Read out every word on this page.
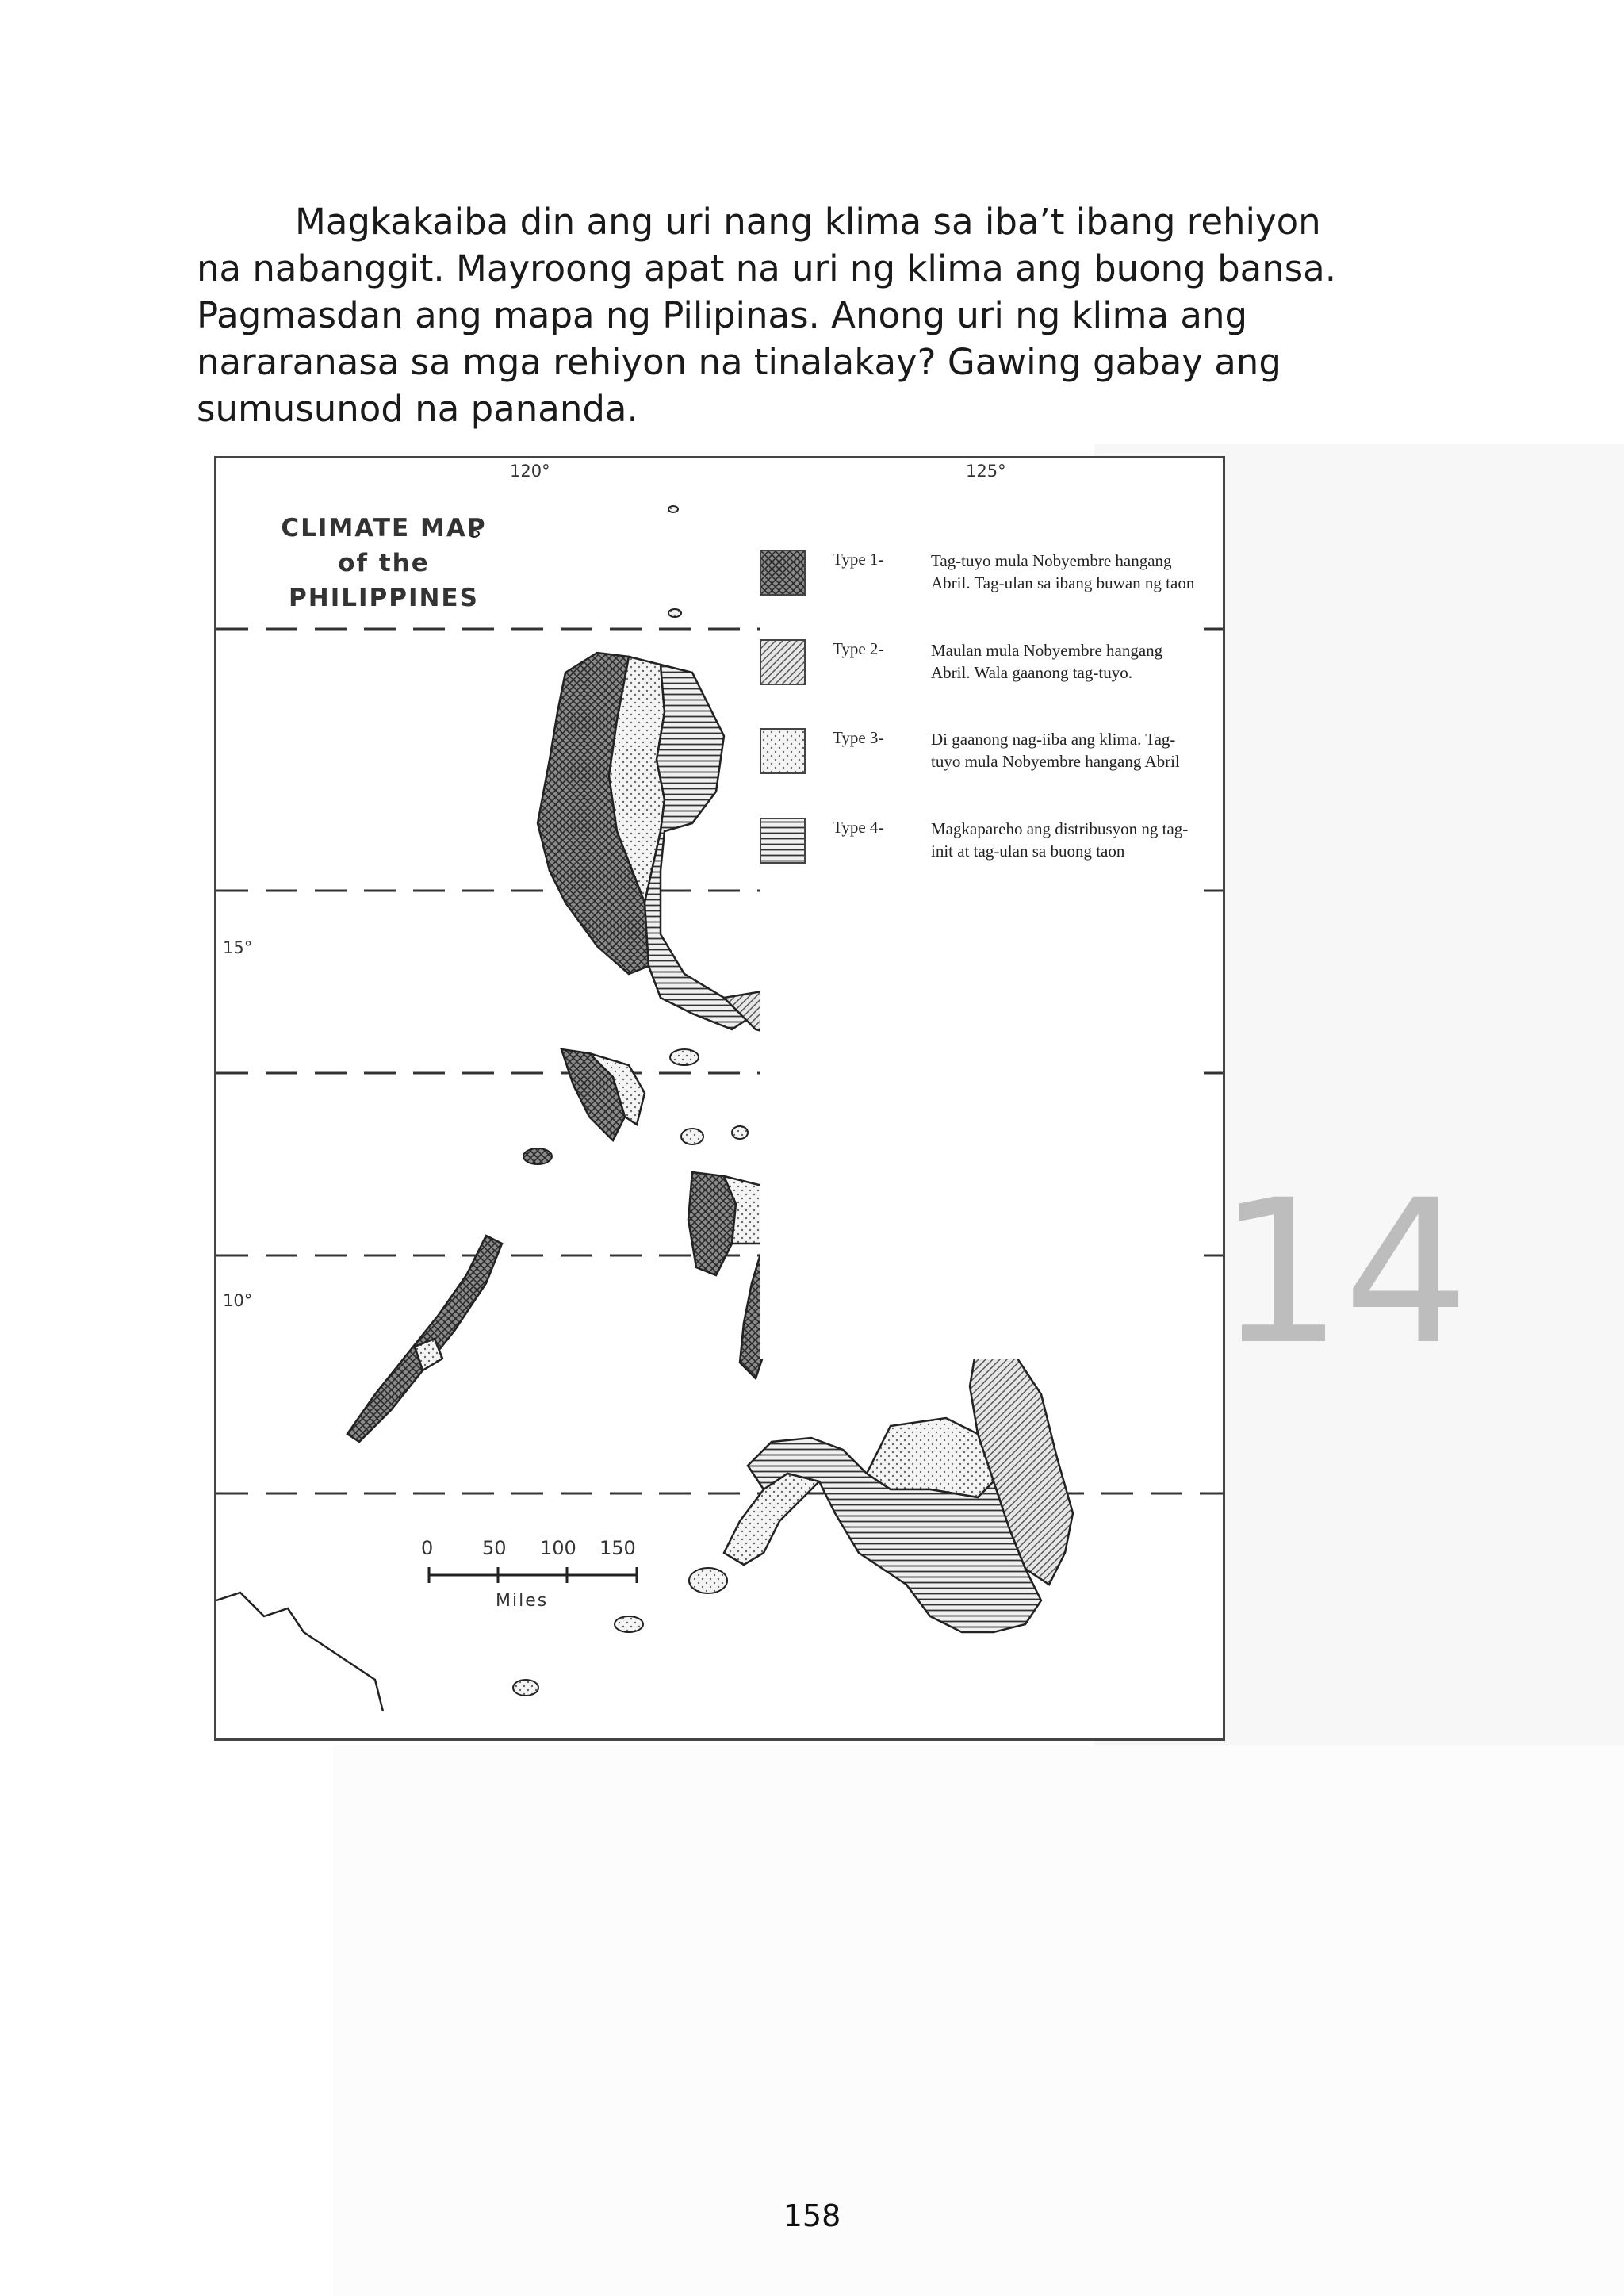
Magkakaiba din ang uri nang klima sa iba’t ibang rehiyon
na nabanggit. Mayroong apat na uri ng klima ang buong bansa.
Pagmasdan ang mapa ng Pilipinas. Anong uri ng klima ang
nararanasa sa mga rehiyon na tinalakay? Gawing gabay ang
sumusunod na pananda.
CLIMATE MAP
of the
PHILIPPINES
120°	125°
15°
10°
0	50 100 150
Miles
Type 1-	Tag-tuyo mula Nobyembre hangang Abril. Tag-ulan sa ibang buwan ng taon
Type 2-	Maulan mula Nobyembre hangang Abril. Wala gaanong tag-tuyo.
Type 3-	Di gaanong nag-iiba ang klima. Tag-tuyo mula Nobyembre hangang Abril
Type 4-	Magkapareho ang distribusyon ng tag-init at tag-ulan sa buong taon
14
158
